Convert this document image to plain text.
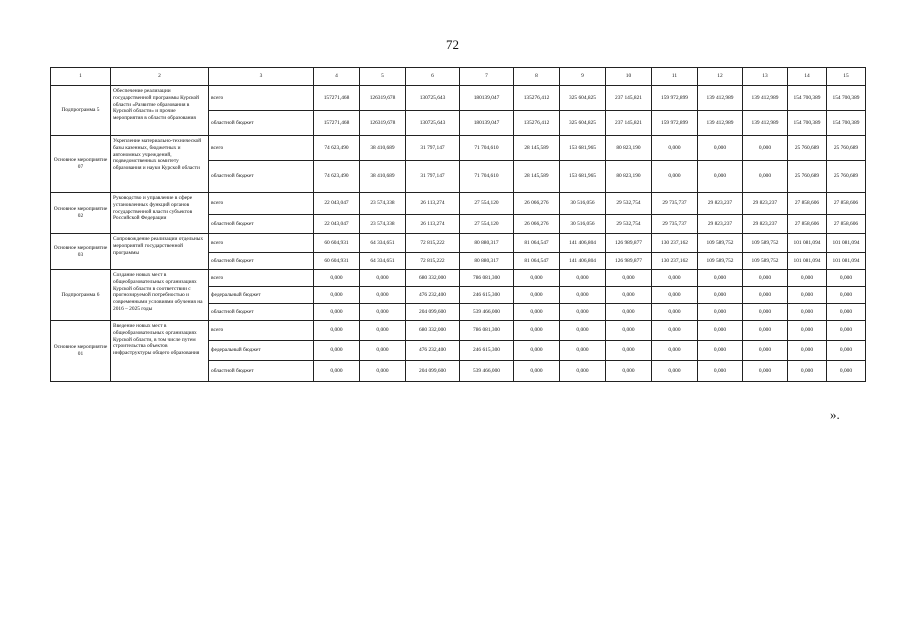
72
1	2	3	4	5	6	7	8	9	10	11	12	13	14	15
Подпрограмма 5	Обеспечение реализации государственной программы Курской области «Развитие образования в Курской области» и прочие мероприятия в области образования	всего	157271,468	126319,678	130725,643	180139,047	135276,412	325 604,825	237 145,821	159 972,899	139 412,989	139 412,989	154 700,389	154 700,389
		областной бюджет	157271,468	126319,678	130725,643	180139,047	135276,412	325 604,825	237 145,821	159 972,899	139 412,989	139 412,989	154 700,389	154 700,389
Основное мероприятие 07	Укрепление материально-технической базы казенных, бюджетных и автономных учреждений, подведомственных комитету образования и науки Курской области	всего	74 623,490	38 410,689	31 797,147	71 704,610	28 145,589	153 681,965	80 823,190	0,000	0,000	0,000	25 760,689	25 760,689
		областной бюджет	74 623,490	38 410,689	31 797,147	71 704,610	28 145,589	153 681,965	80 823,190	0,000	0,000	0,000	25 760,689	25 760,689
Основное мероприятие 02	Руководство и управление в сфере установленных функций органов государственной власти субъектов Российской Федерации	всего	22 043,047	23 574,338	26 113,274	27 554,120	26 066,276	30 516,056	29 532,754	29 735,737	29 823,237	29 823,237	27 858,606	27 858,606
		областной бюджет	22 043,047	23 574,338	26 113,274	27 554,120	26 066,276	30 516,056	29 532,754	29 735,737	29 823,237	29 823,237	27 858,606	27 858,606
Основное мероприятие 03	Сопровождение реализации отдельных мероприятий государственной программы	всего	60 604,931	64 334,651	72 815,222	80 880,317	81 064,547	141 406,804	126 989,877	130 237,162	109 589,752	109 589,752	101 081,094	101 081,094
		областной бюджет	60 604,931	64 334,651	72 815,222	80 880,317	81 064,547	141 406,804	126 989,877	130 237,162	109 589,752	109 589,752	101 081,094	101 081,094
Подпрограмма 6	Создание новых мест в общеобразовательных организациях Курской области в соответствии с прогнозируемой потребностью и современными условиями обучения на 2016 – 2025 годы	всего	0,000	0,000	680 332,000	786 081,300	0,000	0,000	0,000	0,000	0,000	0,000	0,000	0,000
		федеральный бюджет	0,000	0,000	476 232,400	246 615,300	0,000	0,000	0,000	0,000	0,000	0,000	0,000	0,000
		областной бюджет	0,000	0,000	204 099,600	539 466,000	0,000	0,000	0,000	0,000	0,000	0,000	0,000	0,000
Основное мероприятие 01	Введение новых мест в общеобразовательных организациях Курской области, в том числе путем строительства объектов инфраструктуры общего образования	всего	0,000	0,000	680 332,000	786 081,300	0,000	0,000	0,000	0,000	0,000	0,000	0,000	0,000
		федеральный бюджет	0,000	0,000	476 232,400	246 615,300	0,000	0,000	0,000	0,000	0,000	0,000	0,000	0,000
		областной бюджет	0,000	0,000	204 099,600	539 466,000	0,000	0,000	0,000	0,000	0,000	0,000	0,000	0,000
».
